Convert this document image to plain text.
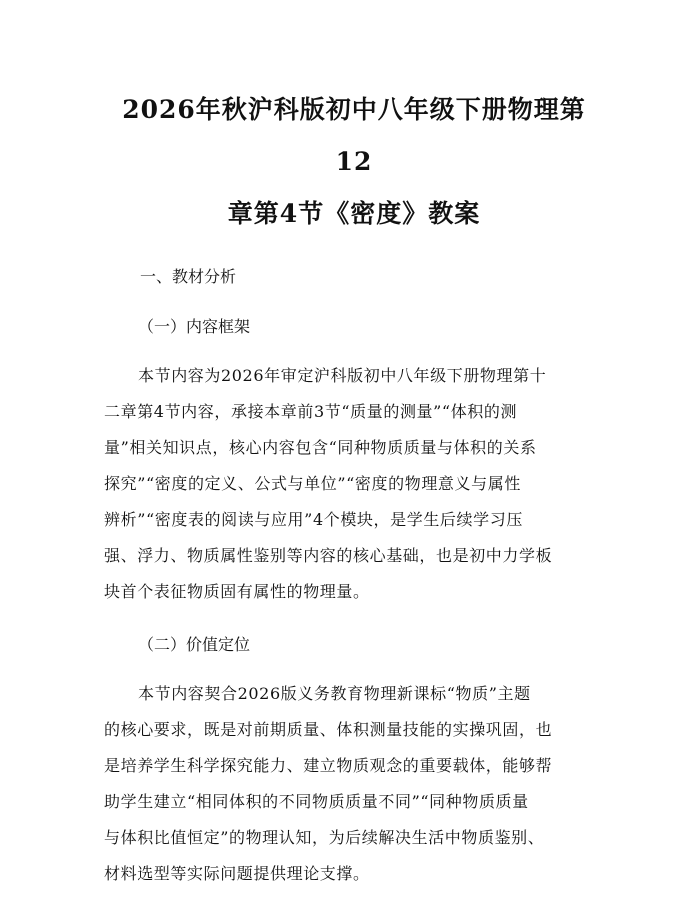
2026年秋沪科版初中八年级下册物理第12
章第4节《密度》教案

一、教材分析

（一）内容框架

本节内容为2026年审定沪科版初中八年级下册物理第十
二章第4节内容，承接本章前3节“质量的测量”“体积的测
量”相关知识点，核心内容包含“同种物质质量与体积的关系
探究”“密度的定义、公式与单位”“密度的物理意义与属性
辨析”“密度表的阅读与应用”4个模块，是学生后续学习压
强、浮力、物质属性鉴别等内容的核心基础，也是初中力学板
块首个表征物质固有属性的物理量。

（二）价值定位

本节内容契合2026版义务教育物理新课标“物质”主题
的核心要求，既是对前期质量、体积测量技能的实操巩固，也
是培养学生科学探究能力、建立物质观念的重要载体，能够帮
助学生建立“相同体积的不同物质质量不同”“同种物质质量
与体积比值恒定”的物理认知，为后续解决生活中物质鉴别、
材料选型等实际问题提供理论支撑。
